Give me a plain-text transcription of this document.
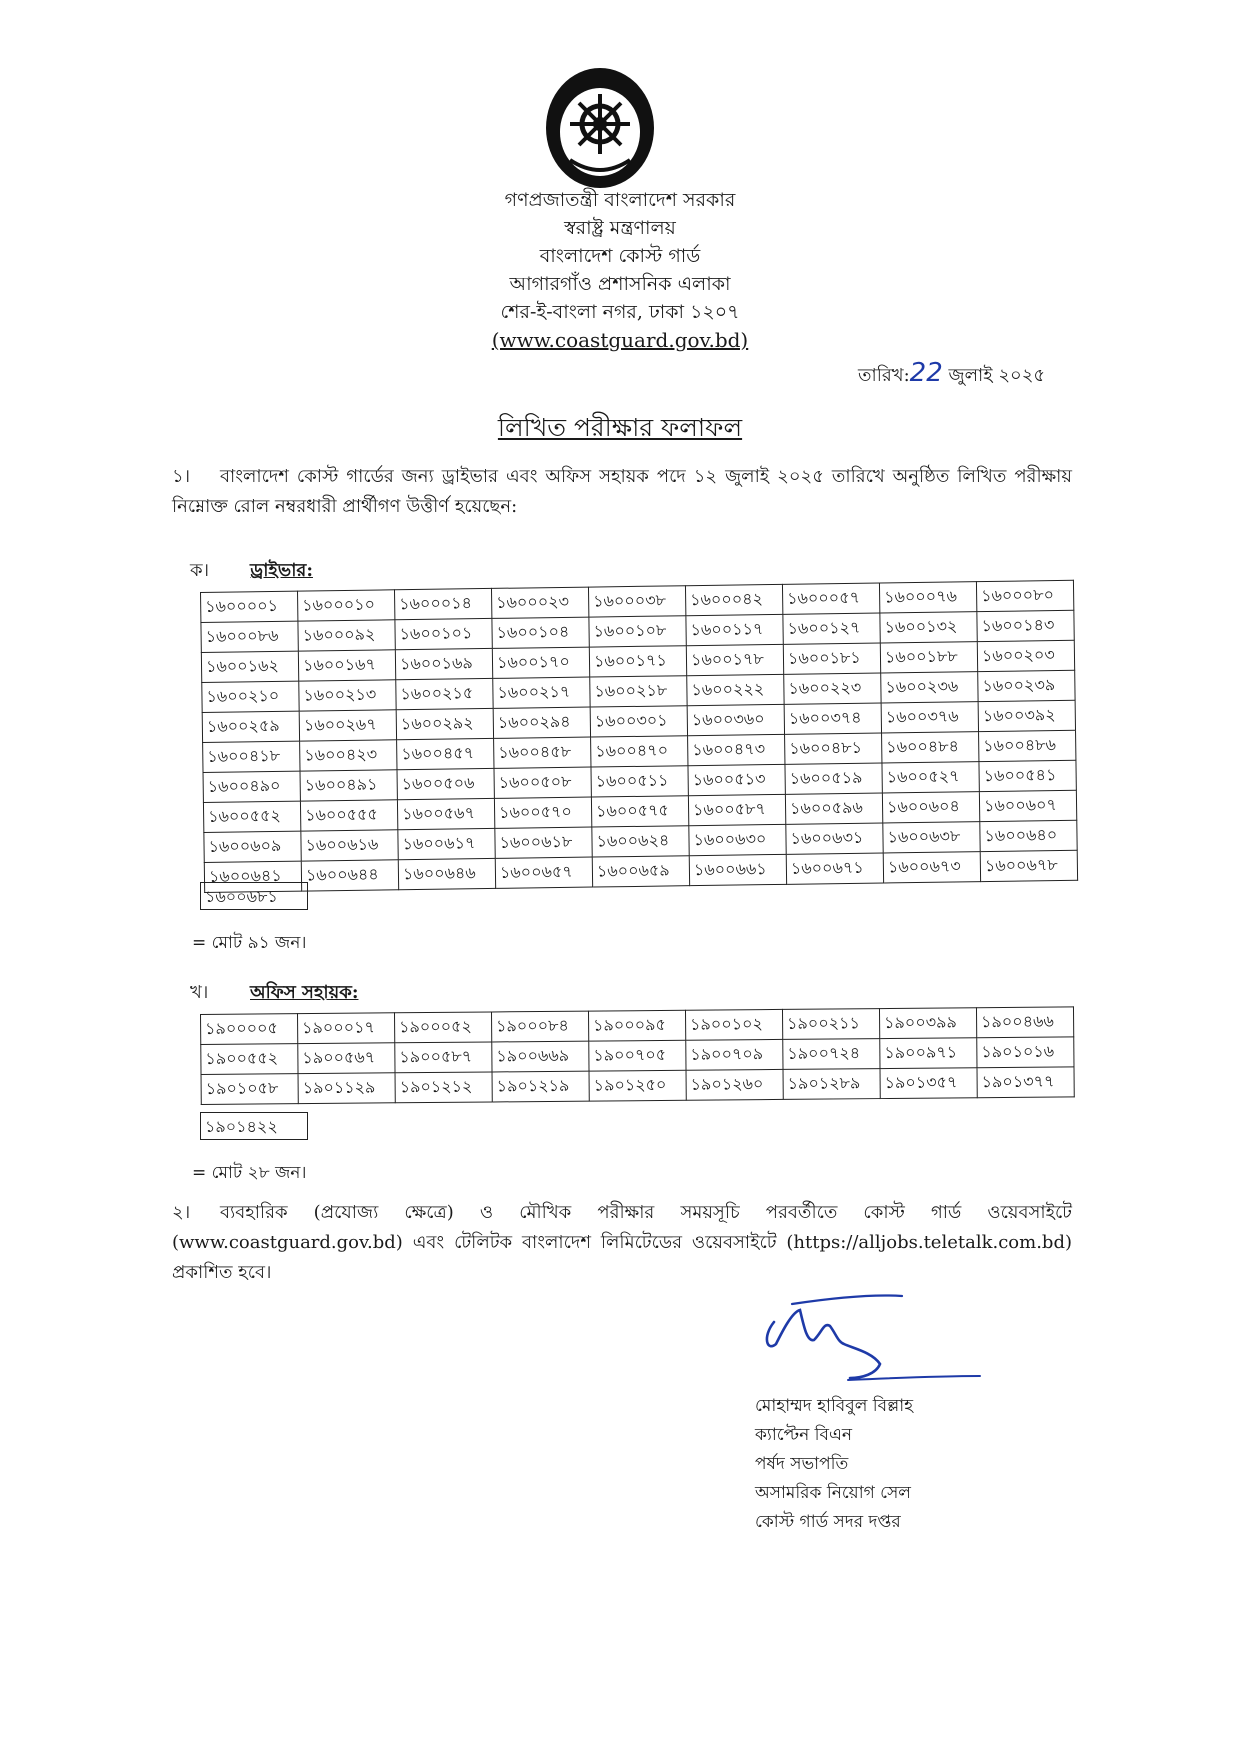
গণপ্রজাতন্ত্রী বাংলাদেশ সরকার
স্বরাষ্ট্র মন্ত্রণালয়
বাংলাদেশ কোস্ট গার্ড
আগারগাঁও প্রশাসনিক এলাকা
শের-ই-বাংলা নগর, ঢাকা ১২০৭
(www.coastguard.gov.bd)
তারিখ:22 জুলাই ২০২৫
লিখিত পরীক্ষার ফলাফল
১। বাংলাদেশ কোস্ট গার্ডের জন্য ড্রাইভার এবং অফিস সহায়ক পদে ১২ জুলাই ২০২৫ তারিখে অনুষ্ঠিত লিখিত পরীক্ষায় নিম্নোক্ত রোল নম্বরধারী প্রার্থীগণ উত্তীর্ণ হয়েছেন:
ক। ড্রাইভার:
১৬০০০০১	১৬০০০১০	১৬০০০১৪	১৬০০০২৩	১৬০০০৩৮	১৬০০০৪২	১৬০০০৫৭	১৬০০০৭৬	১৬০০০৮০
১৬০০০৮৬	১৬০০০৯২	১৬০০১০১	১৬০০১০৪	১৬০০১০৮	১৬০০১১৭	১৬০০১২৭	১৬০০১৩২	১৬০০১৪৩
১৬০০১৬২	১৬০০১৬৭	১৬০০১৬৯	১৬০০১৭০	১৬০০১৭১	১৬০০১৭৮	১৬০০১৮১	১৬০০১৮৮	১৬০০২০৩
১৬০০২১০	১৬০০২১৩	১৬০০২১৫	১৬০০২১৭	১৬০০২১৮	১৬০০২২২	১৬০০২২৩	১৬০০২৩৬	১৬০০২৩৯
১৬০০২৫৯	১৬০০২৬৭	১৬০০২৯২	১৬০০২৯৪	১৬০০৩০১	১৬০০৩৬০	১৬০০৩৭৪	১৬০০৩৭৬	১৬০০৩৯২
১৬০০৪১৮	১৬০০৪২৩	১৬০০৪৫৭	১৬০০৪৫৮	১৬০০৪৭০	১৬০০৪৭৩	১৬০০৪৮১	১৬০০৪৮৪	১৬০০৪৮৬
১৬০০৪৯০	১৬০০৪৯১	১৬০০৫০৬	১৬০০৫০৮	১৬০০৫১১	১৬০০৫১৩	১৬০০৫১৯	১৬০০৫২৭	১৬০০৫৪১
১৬০০৫৫২	১৬০০৫৫৫	১৬০০৫৬৭	১৬০০৫৭০	১৬০০৫৭৫	১৬০০৫৮৭	১৬০০৫৯৬	১৬০০৬০৪	১৬০০৬০৭
১৬০০৬০৯	১৬০০৬১৬	১৬০০৬১৭	১৬০০৬১৮	১৬০০৬২৪	১৬০০৬৩০	১৬০০৬৩১	১৬০০৬৩৮	১৬০০৬৪০
১৬০০৬৪১	১৬০০৬৪৪	১৬০০৬৪৬	১৬০০৬৫৭	১৬০০৬৫৯	১৬০০৬৬১	১৬০০৬৭১	১৬০০৬৭৩	১৬০০৬৭৮
১৬০০৬৮১
= মোট ৯১ জন।
খ। অফিস সহায়ক:
১৯০০০০৫	১৯০০০১৭	১৯০০০৫২	১৯০০০৮৪	১৯০০০৯৫	১৯০০১০২	১৯০০২১১	১৯০০৩৯৯	১৯০০৪৬৬
১৯০০৫৫২	১৯০০৫৬৭	১৯০০৫৮৭	১৯০০৬৬৯	১৯০০৭০৫	১৯০০৭০৯	১৯০০৭২৪	১৯০০৯৭১	১৯০১০১৬
১৯০১০৫৮	১৯০১১২৯	১৯০১২১২	১৯০১২১৯	১৯০১২৫০	১৯০১২৬০	১৯০১২৮৯	১৯০১৩৫৭	১৯০১৩৭৭
১৯০১৪২২
= মোট ২৮ জন।
২। ব্যবহারিক (প্রযোজ্য ক্ষেত্রে) ও মৌখিক পরীক্ষার সময়সূচি পরবর্তীতে কোস্ট গার্ড ওয়েবসাইটে (www.coastguard.gov.bd) এবং টেলিটক বাংলাদেশ লিমিটেডের ওয়েবসাইটে (https://alljobs.teletalk.com.bd) প্রকাশিত হবে।
মোহাম্মদ হাবিবুল বিল্লাহ
ক্যাপ্টেন বিএন
পর্ষদ সভাপতি
অসামরিক নিয়োগ সেল
কোস্ট গার্ড সদর দপ্তর
